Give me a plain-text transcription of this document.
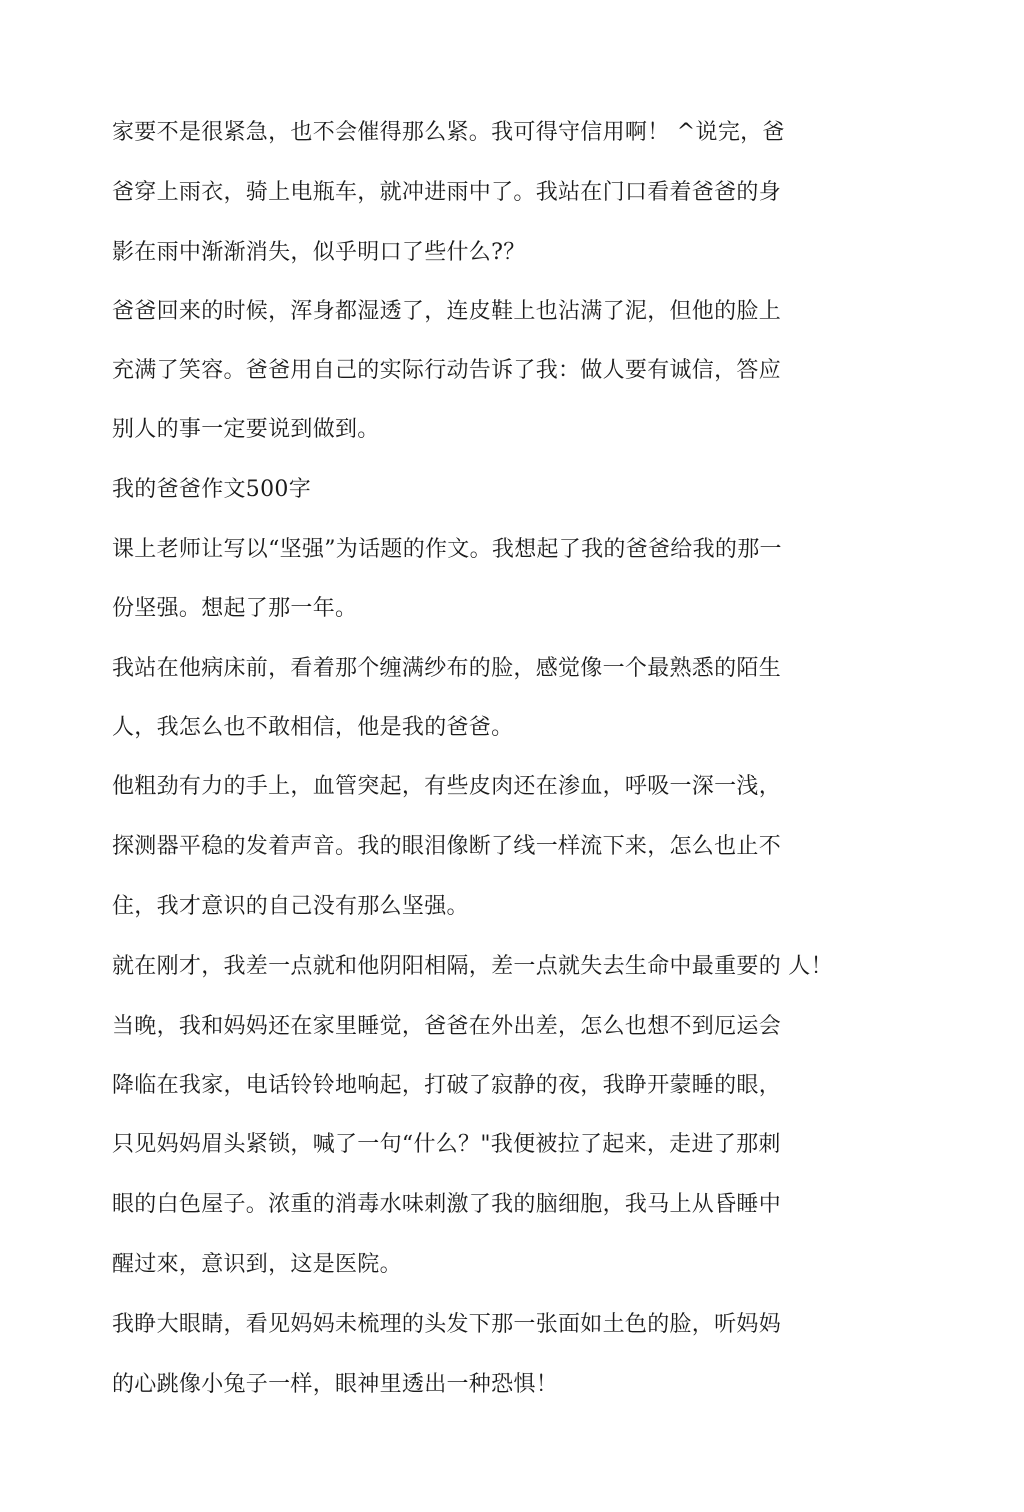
家要不是很紧急，也不会催得那么紧。我可得守信用啊！ ^说完，爸
爸穿上雨衣，骑上电瓶车，就冲进雨中了。我站在门口看着爸爸的身
影在雨中渐渐消失，似乎明口了些什么?？
爸爸回来的时候，浑身都湿透了，连皮鞋上也沾满了泥，但他的脸上
充满了笑容。爸爸用自己的实际行动告诉了我：做人要有诚信，答应
别人的事一定要说到做到。
我的爸爸作文500字
课上老师让写以“坚强”为话题的作文。我想起了我的爸爸给我的那一
份坚强。想起了那一年。
我站在他病床前，看着那个缠满纱布的脸，感觉像一个最熟悉的陌生
人，我怎么也不敢相信，他是我的爸爸。
他粗劲有力的手上，血管突起，有些皮肉还在渗血，呼吸一深一浅，
探测器平稳的发着声音。我的眼泪像断了线一样流下来，怎么也止不
住，我才意识的自己没有那么坚强。
就在刚才，我差一点就和他阴阳相隔，差一点就失去生命中最重要的 人！
当晚，我和妈妈还在家里睡觉，爸爸在外出差，怎么也想不到厄运会
降临在我家，电话铃铃地响起，打破了寂静的夜，我睁开蒙睡的眼，
只见妈妈眉头紧锁，喊了一句“什么？"我便被拉了起来，走进了那刺
眼的白色屋子。浓重的消毒水味刺激了我的脑细胞，我马上从昏睡中
醒过來，意识到，这是医院。
我睁大眼睛，看见妈妈未梳理的头发下那一张面如土色的脸，听妈妈
的心跳像小兔子一样，眼神里透出一种恐惧！
